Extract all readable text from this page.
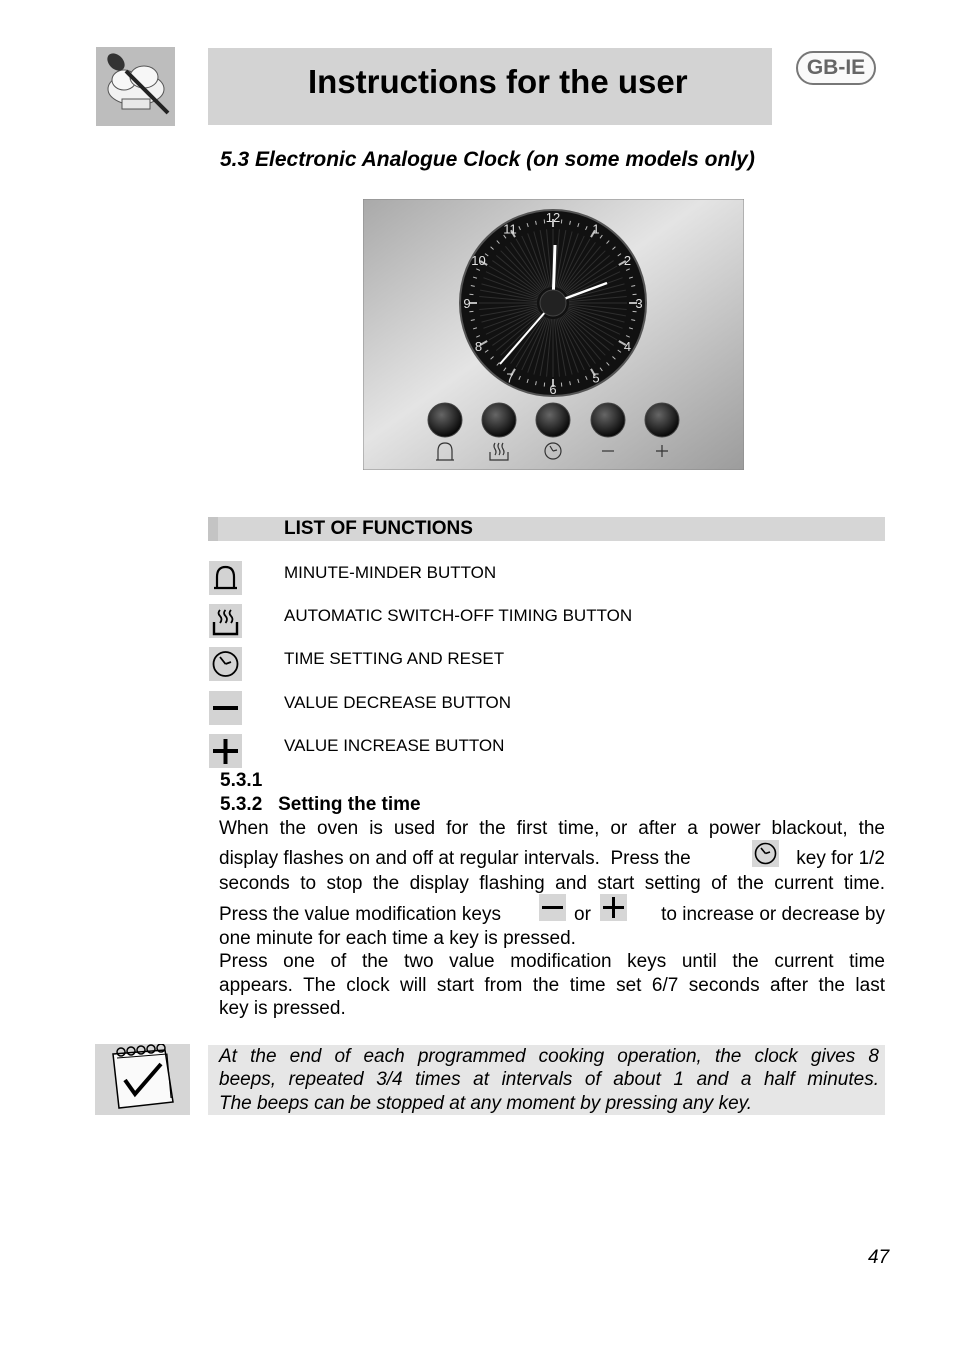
Instructions for the user	GB-IE
5.3 Electronic Analogue Clock (on some models only)
12
1
2
3
4
5
6
7
8
9
10
11
LIST OF FUNCTIONS
MINUTE-MINDER BUTTON
AUTOMATIC SWITCH-OFF TIMING BUTTON
TIME SETTING AND RESET
VALUE DECREASE BUTTON
VALUE INCREASE BUTTON
5.3.1
5.3.2   Setting the time
When the oven is used for the first time, or after a power blackout, the
display flashes on and off at regular intervals.  Press the	key for 1/2
seconds to stop the display flashing and start setting of the current time.
Press the value modification keys	or	to increase or decrease by
one minute for each time a key is pressed.
Press one of the two value modification keys until the current time
appears. The clock will start from the time set 6/7 seconds after the last
key is pressed.
At the end of each programmed cooking operation, the clock gives 8
beeps, repeated 3/4 times at intervals of about 1 and a half minutes.
The beeps can be stopped at any moment by pressing any key.
47
